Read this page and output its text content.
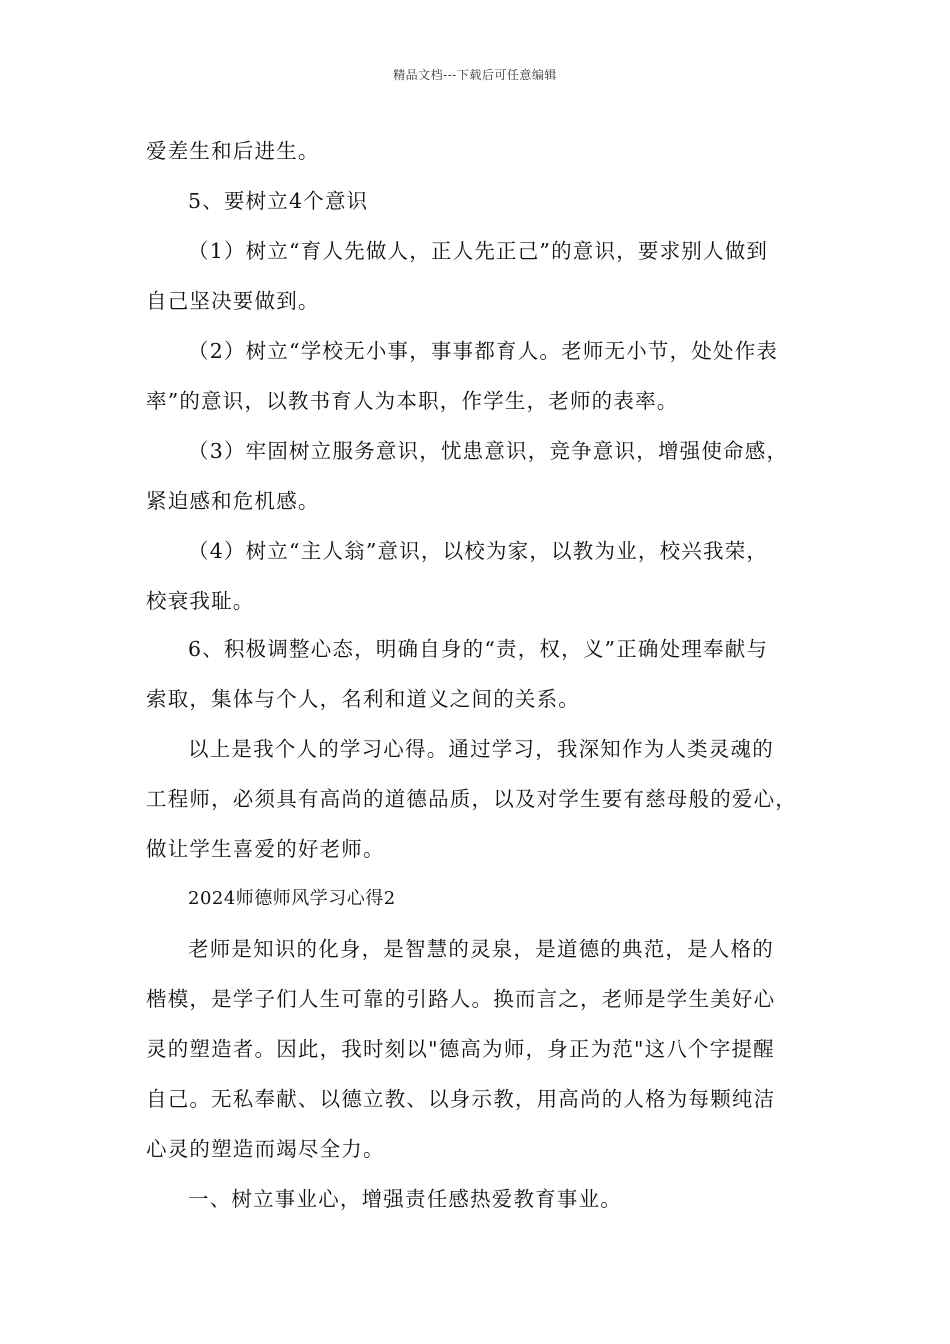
精品文档---下载后可任意编辑
爱差生和后进生。
5、要树立4个意识
（1）树立“育人先做人，正人先正己”的意识，要求别人做到
自己坚决要做到。
（2）树立“学校无小事，事事都育人。老师无小节，处处作表
率”的意识，以教书育人为本职，作学生，老师的表率。
（3）牢固树立服务意识，忧患意识，竞争意识，增强使命感，
紧迫感和危机感。
（4）树立“主人翁”意识，以校为家，以教为业，校兴我荣，
校衰我耻。
6、积极调整心态，明确自身的“责，权，义”正确处理奉献与
索取，集体与个人，名利和道义之间的关系。
以上是我个人的学习心得。通过学习，我深知作为人类灵魂的
工程师，必须具有高尚的道德品质，以及对学生要有慈母般的爱心，
做让学生喜爱的好老师。
2024师德师风学习心得2
老师是知识的化身，是智慧的灵泉，是道德的典范，是人格的
楷模，是学子们人生可靠的引路人。换而言之，老师是学生美好心
灵的塑造者。因此，我时刻以"德高为师，身正为范"这八个字提醒
自己。无私奉献、以德立教、以身示教，用高尚的人格为每颗纯洁
心灵的塑造而竭尽全力。
一、树立事业心，增强责任感热爱教育事业。
